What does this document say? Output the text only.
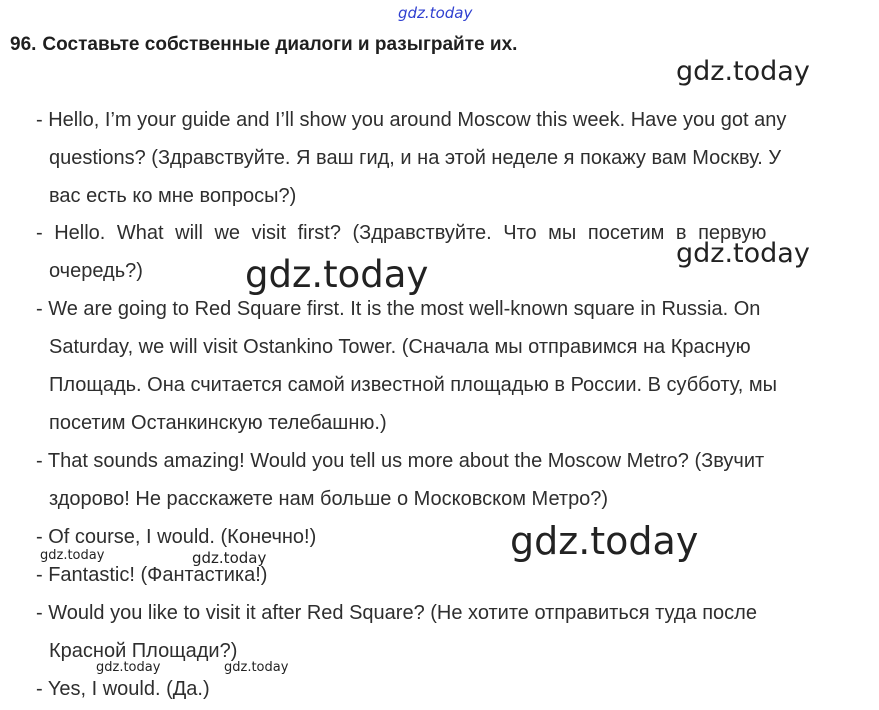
gdz.today
gdz.today
gdz.today
gdz.today
gdz.today
gdz.today	gdz.today
gdz.today	gdz.today
96. Составьте собственные диалоги и разыграйте их.
- Hello, I’m your guide and I’ll show you around Moscow this week. Have you got any
questions? (Здравствуйте. Я ваш гид, и на этой неделе я покажу вам Москву. У
вас есть ко мне вопросы?)
- Hello. What will we visit first? (Здравствуйте. Что мы посетим в первую
очередь?)
- We are going to Red Square first. It is the most well-known square in Russia. On
Saturday, we will visit Ostankino Tower. (Сначала мы отправимся на Красную
Площадь. Она считается самой известной площадью в России. В субботу, мы
посетим Останкинскую телебашню.)
- That sounds amazing! Would you tell us more about the Moscow Metro? (Звучит
здорово! Не расскажете нам больше о Московском Метро?)
- Of course, I would. (Конечно!)
- Fantastic! (Фантастика!)
- Would you like to visit it after Red Square? (Не хотите отправиться туда после
Красной Площади?)
- Yes, I would. (Да.)
